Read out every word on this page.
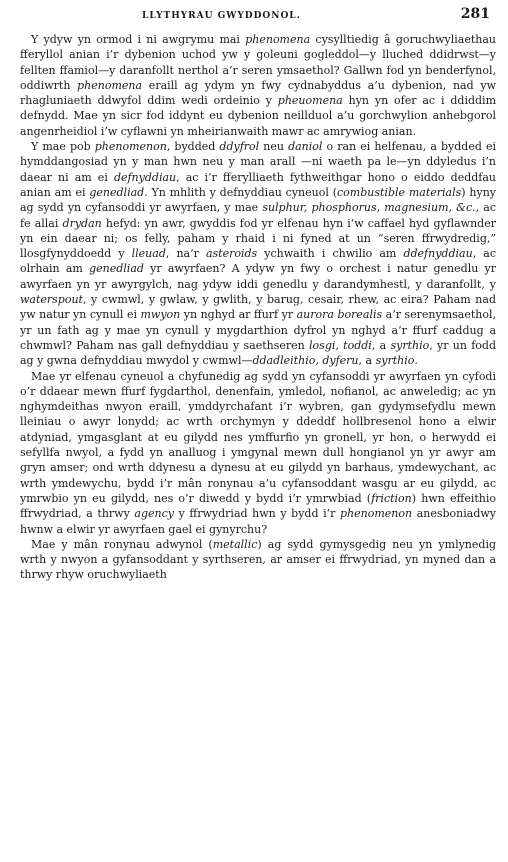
LLYTHYRAU GWYDDONOL.	281

Y ydyw yn ormod i ni awgrymu mai phenomena cysylltiedig â goruchwyliaethau fferyllol anian i’r dybenion uchod yw y goleuni gogleddol—y lluched ddidrwst—y fellten ffamiol—y daranfollt nerthol a’r seren ymsaethol? Gallwn fod yn benderfynol, oddiwrth phenomena eraill ag ydym yn fwy cydnabyddus a’u dybenion, nad yw rhagluniaeth ddwyfol ddim wedi ordeinio y pheuomena hyn yn ofer ac i ddiddim defnydd. Mae yn sicr fod iddynt eu dybenion neillduol a’u gorchwylion anhebgorol angenrheidiol i’w cyflawni yn mheirianwaith mawr ac amrywiog anian.

Y mae pob phenomenon, bydded ddyfrol neu daniol o ran ei helfenau, a bydded ei hymddangosiad yn y man hwn neu y man arall —ni waeth pa le—yn ddyledus i’n daear ni am ei defnyddiau, ac i’r fferylliaeth fythweithgar hono o eiddo deddfau anian am ei genedliad. Yn mhlith y defnyddiau cyneuol (combustible materials) hyny ag sydd yn cyfansoddi yr awyrfaen, y mae sulphur, phosphorus, magnesium, &c., ac fe allai drydan hefyd: yn awr, gwyddis fod yr elfenau hyn i’w caffael hyd gyflawnder yn ein daear ni; os felly, paham y rhaid i ni fyned at un “seren ffrwydredig,” llosgfynyddoedd y lleuad, na’r asteroids ychwaith i chwilio am ddefnyddiau, ac olrhain am genedliad yr awyrfaen? A ydyw yn fwy o orchest i natur genedlu yr awyrfaen yn yr awyrgylch, nag ydyw iddi genedlu y darandymhestl, y daranfollt, y waterspout, y cwmwl, y gwlaw, y gwlith, y barug, cesair, rhew, ac eira? Paham nad yw natur yn cynull ei mwyon yn nghyd ar ffurf yr aurora borealis a’r serenymsaethol, yr un fath ag y mae yn cynull y mygdarthion dyfrol yn nghyd a’r ffurf caddug a chwmwl? Paham nas gall defnyddiau y saethseren losgi, toddi, a syrthio, yr un fodd ag y gwna defnyddiau mwydol y cwmwl—ddadleithio, dyferu, a syrthio.

Mae yr elfenau cyneuol a chyfunedig ag sydd yn cyfansoddi yr awyrfaen yn cyfodi o’r ddaear mewn ffurf fygdarthol, denenfain, ymledol, nofianol, ac anweledig; ac yn nghymdeithas nwyon eraill, ymddyrchafant i’r wybren, gan gydymsefydlu mewn lleiniau o awyr lonydd; ac wrth orchymyn y ddeddf hollbresenol hono a elwir atdyniad, ymgasglant at eu gilydd nes ymffurfio yn gronell, yr hon, o herwydd ei sefyllfa nwyol, a fydd yn analluog i ymgynal mewn dull hongianol yn yr awyr am gryn amser; ond wrth ddynesu a dynesu at eu gilydd yn barhaus, ymdewychant, ac wrth ymdewychu, bydd i’r mân ronynau a’u cyfansoddant wasgu ar eu gilydd, ac ymrwbio yn eu gilydd, nes o’r diwedd y bydd i’r ymrwbiad (friction) hwn effeithio ffrwydriad, a thrwy agency y ffrwydriad hwn y bydd i’r phenomenon anesboniadwy hwnw a elwir yr awyrfaen gael ei gynyrchu?

Mae y mân ronynau adwynol (metallic) ag sydd gymysgedig neu yn ymlynedig wrth y nwyon a gyfansoddant y syrthseren, ar amser ei ffrwydriad, yn myned dan a thrwy rhyw oruchwyliaeth
